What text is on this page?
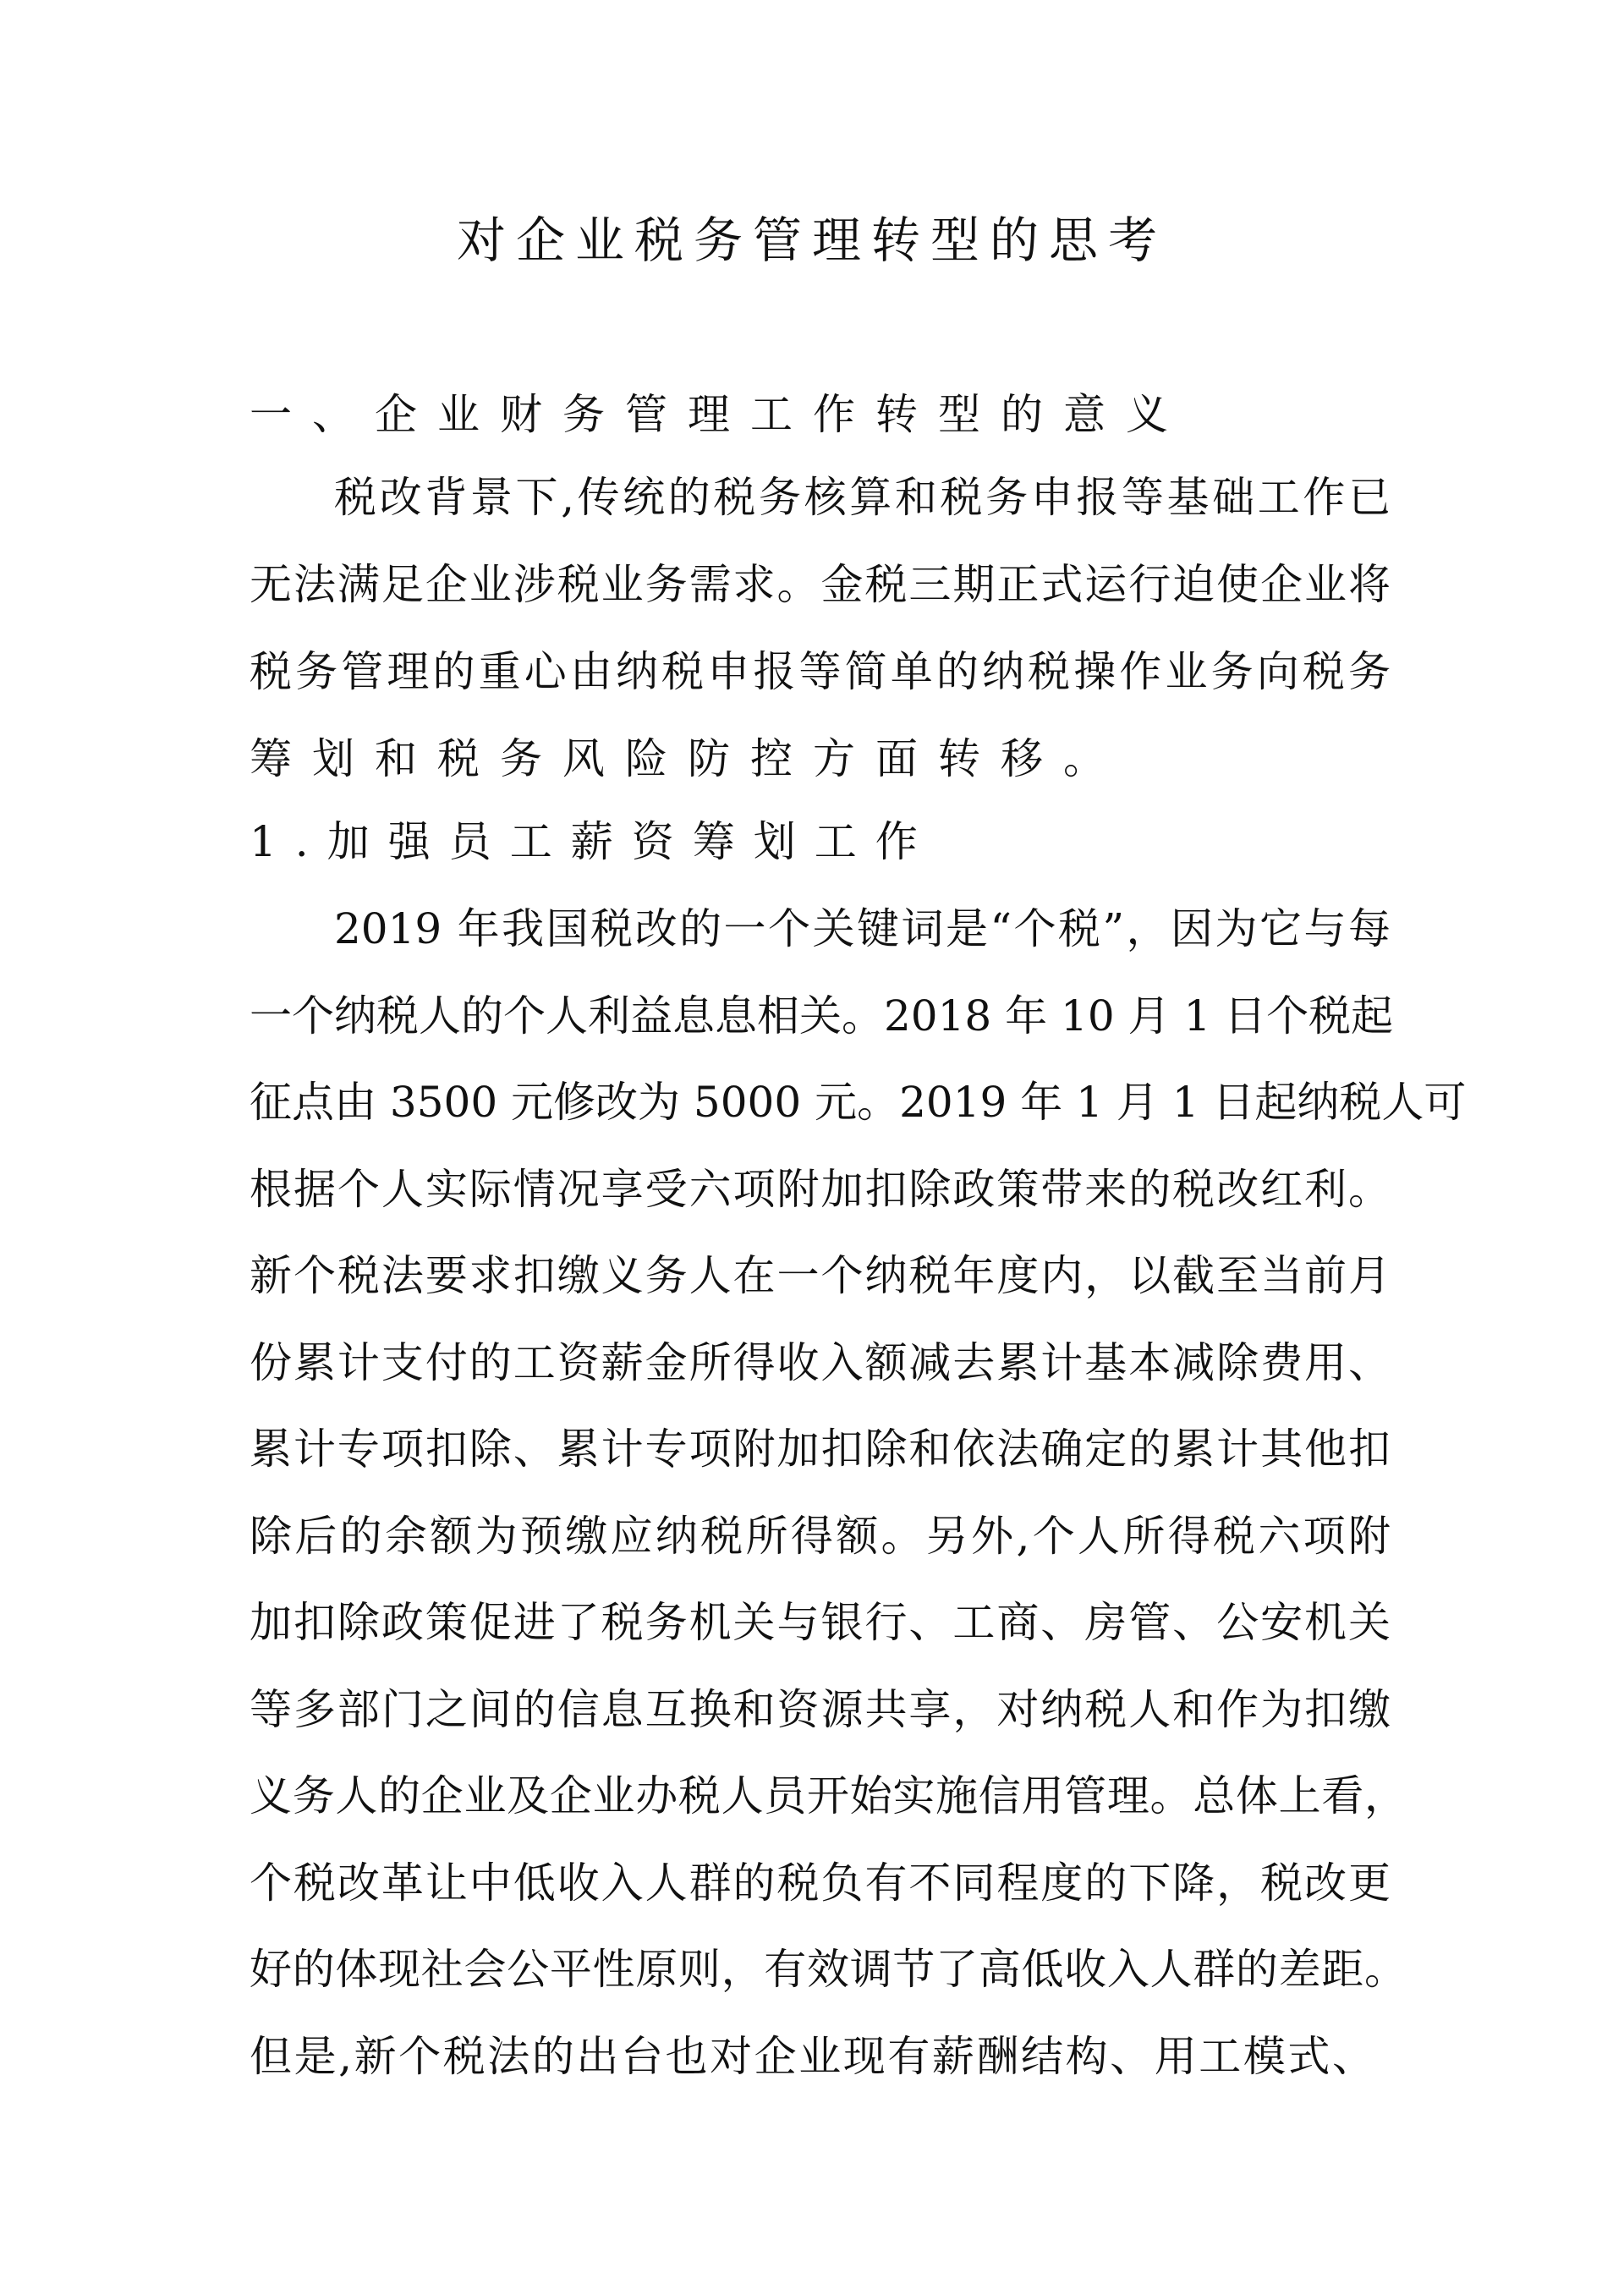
对企业税务管理转型的思考
一、企业财务管理工作转型的意义
税改背景下,传统的税务核算和税务申报等基础工作已
无法满足企业涉税业务需求。金税三期正式运行迫使企业将
税务管理的重心由纳税申报等简单的纳税操作业务向税务
筹划和税务风险防控方面转移。
1.加强员工薪资筹划工作
2019 年我国税改的一个关键词是“个税”，因为它与每
一个纳税人的个人利益息息相关。2018 年 10 月 1 日个税起
征点由 3500 元修改为 5000 元。2019 年 1 月 1 日起纳税人可
根据个人实际情况享受六项附加扣除政策带来的税改红利。
新个税法要求扣缴义务人在一个纳税年度内，以截至当前月
份累计支付的工资薪金所得收入额减去累计基本减除费用、
累计专项扣除、累计专项附加扣除和依法确定的累计其他扣
除后的余额为预缴应纳税所得额。另外,个人所得税六项附
加扣除政策促进了税务机关与银行、工商、房管、公安机关
等多部门之间的信息互换和资源共享，对纳税人和作为扣缴
义务人的企业及企业办税人员开始实施信用管理。总体上看，
个税改革让中低收入人群的税负有不同程度的下降，税改更
好的体现社会公平性原则，有效调节了高低收入人群的差距。
但是,新个税法的出台也对企业现有薪酬结构、用工模式、
